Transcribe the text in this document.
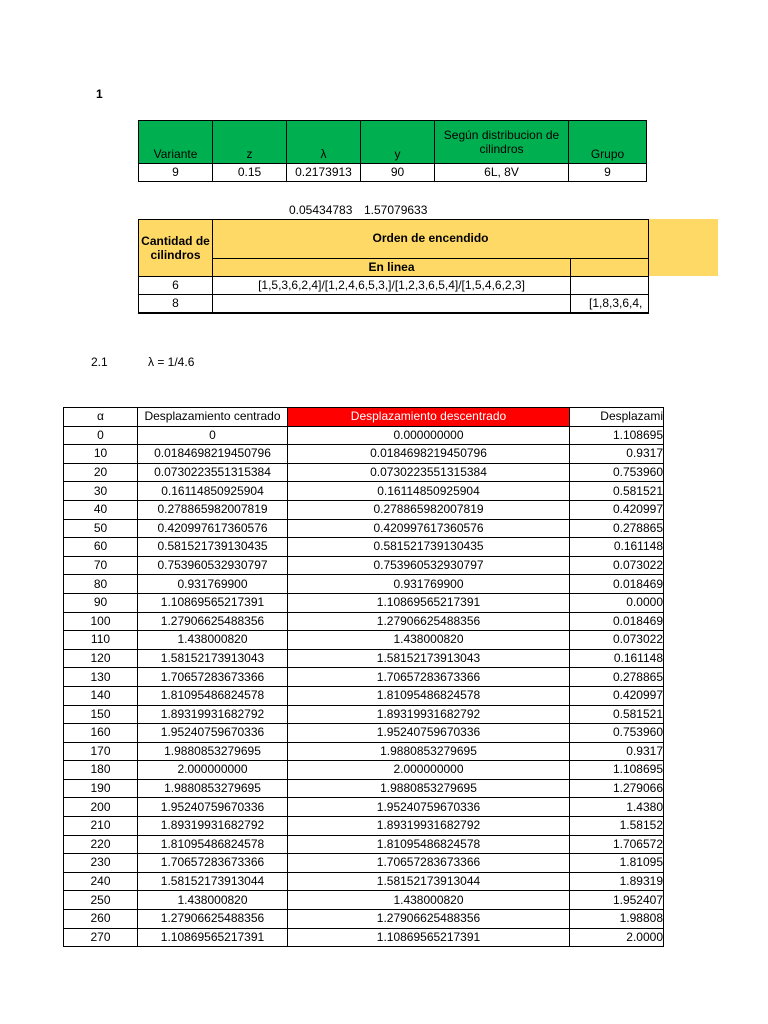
1
Variante	z	λ	y	Según distribucion de cilindros	Grupo
9	0.15	0.2173913	90	6L, 8V	9
0.05434783 1.57079633
Cantidad de cilindros	Orden de encendido	
	En linea	
6	[1,5,3,6,2,4]/[1,2,4,6,5,3,]/[1,2,3,6,5,4]/[1,5,4,6,2,3]	
8		[1,8,3,6,4,
2.1	λ = 1/4.6
α	Desplazamiento centrado	Desplazamiento descentrado	Desplazami
0	0	0.000000000	1.108695
10	0.0184698219450796	0.0184698219450796	0.9317
20	0.0730223551315384	0.0730223551315384	0.753960
30	0.16114850925904	0.16114850925904	0.581521
40	0.278865982007819	0.278865982007819	0.420997
50	0.420997617360576	0.420997617360576	0.278865
60	0.581521739130435	0.581521739130435	0.161148
70	0.753960532930797	0.753960532930797	0.073022
80	0.931769900	0.931769900	0.018469
90	1.10869565217391	1.10869565217391	0.0000
100	1.27906625488356	1.27906625488356	0.018469
110	1.438000820	1.438000820	0.073022
120	1.58152173913043	1.58152173913043	0.161148
130	1.70657283673366	1.70657283673366	0.278865
140	1.81095486824578	1.81095486824578	0.420997
150	1.89319931682792	1.89319931682792	0.581521
160	1.95240759670336	1.95240759670336	0.753960
170	1.9880853279695	1.9880853279695	0.9317
180	2.000000000	2.000000000	1.108695
190	1.9880853279695	1.9880853279695	1.279066
200	1.95240759670336	1.95240759670336	1.4380
210	1.89319931682792	1.89319931682792	1.58152
220	1.81095486824578	1.81095486824578	1.706572
230	1.70657283673366	1.70657283673366	1.81095
240	1.58152173913044	1.58152173913044	1.89319
250	1.438000820	1.438000820	1.952407
260	1.27906625488356	1.27906625488356	1.98808
270	1.10869565217391	1.10869565217391	2.0000
